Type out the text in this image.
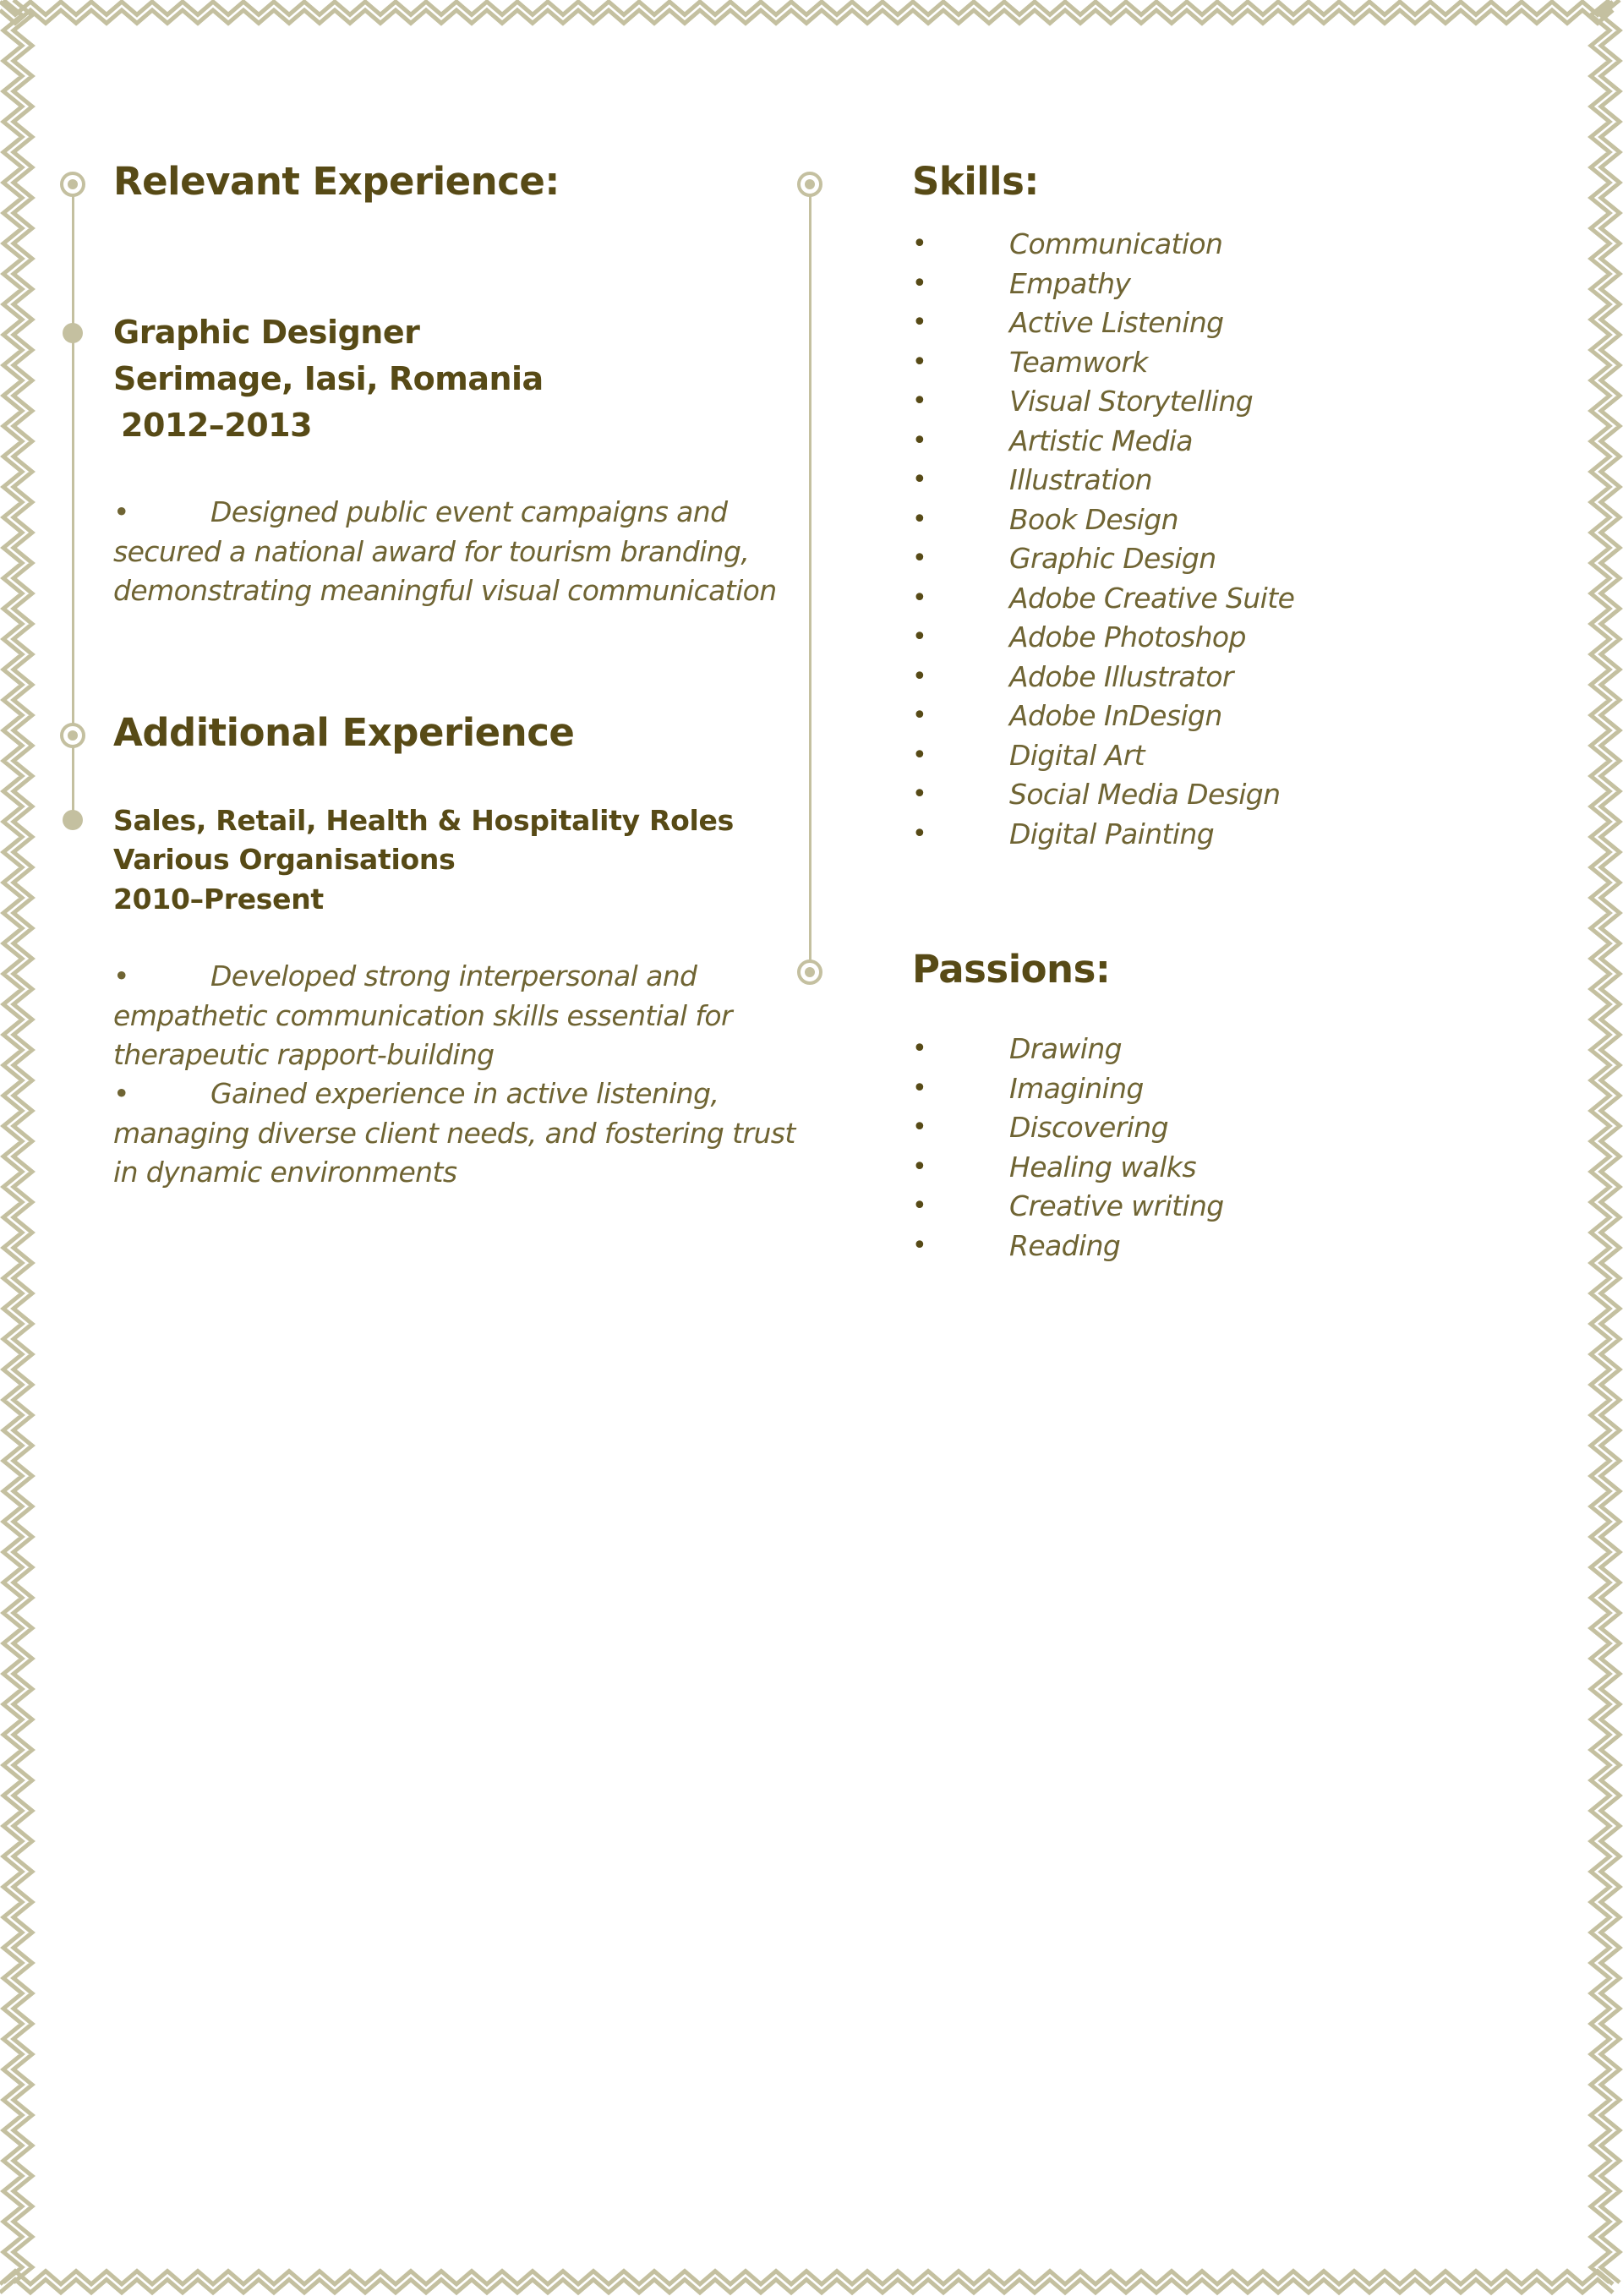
Relevant Experience:
Graphic Designer
Serimage, Iasi, Romania
2012–2013
•	Designed public event campaigns and secured a national award for tourism branding, demonstrating meaningful visual communication
Additional Experience
Sales, Retail, Health & Hospitality Roles
Various Organisations
2010–Present
•	Developed strong interpersonal and empathetic communication skills essential for therapeutic rapport-building
•	Gained experience in active listening, managing diverse client needs, and fostering trust in dynamic environments
Skills:
•	Communication
•	Empathy
•	Active Listening
•	Teamwork
•	Visual Storytelling
•	Artistic Media
•	Illustration
•	Book Design
•	Graphic Design
•	Adobe Creative Suite
•	Adobe Photoshop
•	Adobe Illustrator
•	Adobe InDesign
•	Digital Art
•	Social Media Design
•	Digital Painting
Passions:
•	Drawing
•	Imagining
•	Discovering
•	Healing walks
•	Creative writing
•	Reading
